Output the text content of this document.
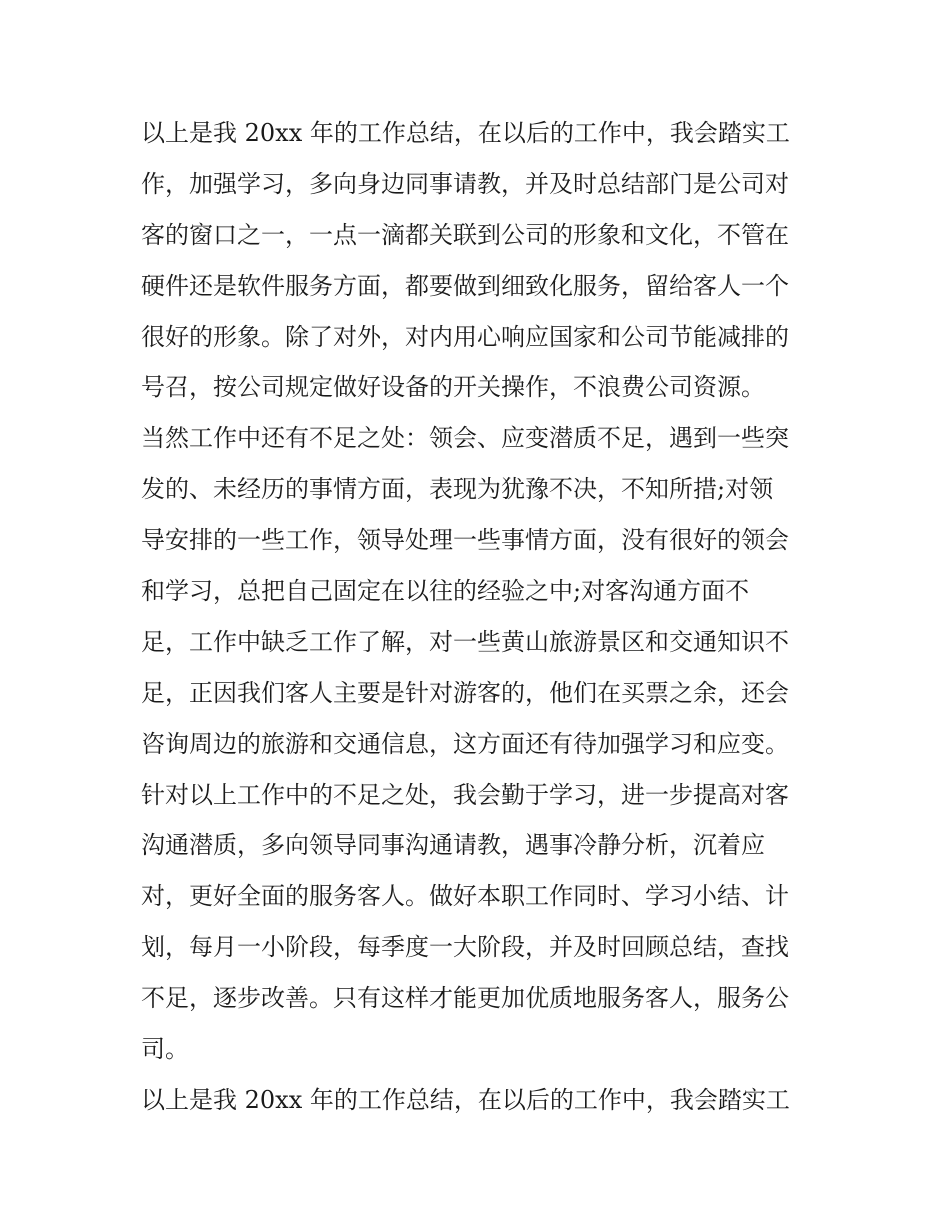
以上是我 20xx 年的工作总结，在以后的工作中，我会踏实工
作，加强学习，多向身边同事请教，并及时总结部门是公司对
客的窗口之一，一点一滴都关联到公司的形象和文化，不管在
硬件还是软件服务方面，都要做到细致化服务，留给客人一个
很好的形象。除了对外，对内用心响应国家和公司节能减排的
号召，按公司规定做好设备的开关操作，不浪费公司资源。
当然工作中还有不足之处：领会、应变潜质不足，遇到一些突
发的、未经历的事情方面，表现为犹豫不决，不知所措;对领
导安排的一些工作，领导处理一些事情方面，没有很好的领会
和学习，总把自己固定在以往的经验之中;对客沟通方面不
足，工作中缺乏工作了解，对一些黄山旅游景区和交通知识不
足，正因我们客人主要是针对游客的，他们在买票之余，还会
咨询周边的旅游和交通信息，这方面还有待加强学习和应变。
针对以上工作中的不足之处，我会勤于学习，进一步提高对客
沟通潜质，多向领导同事沟通请教，遇事冷静分析，沉着应
对，更好全面的服务客人。做好本职工作同时、学习小结、计
划，每月一小阶段，每季度一大阶段，并及时回顾总结，查找
不足，逐步改善。只有这样才能更加优质地服务客人，服务公
司。
以上是我 20xx 年的工作总结，在以后的工作中，我会踏实工
